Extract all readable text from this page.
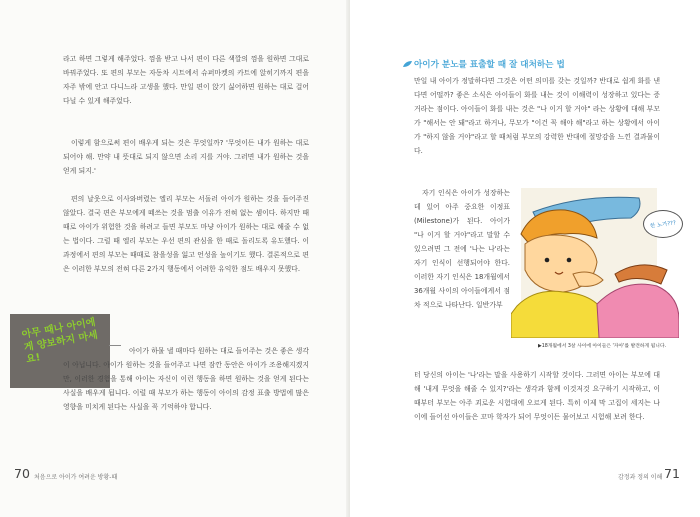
라고 하면 그렇게 해주었다. 껌을 받고 나서 편이 다른 색깔의 껌을 원하면 그대로 바꿔주었다. 또 편의 부모는 자동차 시트에서 슈퍼마켓의 카트에 앉히기까지 편을 자주 밖에 안고 다니느라 고생을 했다. 만일 편이 앉기 싫어하면 원하는 대로 걸어 다닐 수 있게 해주었다.

이렇게 함으로써 편이 배우게 되는 것은 무엇일까? '무엇이든 내가 원하는 대로 되어야 해. 만약 내 뜻대로 되지 않으면 소리 지를 거야. 그러면 내가 원하는 것을 얻게 되지.'

편의 날웃으로 이사와버렸는 엘리 부모는 서돌러 아이가 원하는 것을 들어주진 않았다. 결국 편은 부모에게 떼쓰는 것을 멈출 이유가 전혀 없는 셈이다. 하지만 때때로 아이가 위험한 것을 하려고 들면 부모도 마냥 아이가 원하는 대로 해줄 수 없는 법이다. 그럴 때 엘리 부모는 우선 편의 관심을 한 때로 돌리도록 유도했다. 이 과정에서 편의 부모는 때때로 참을성을 잃고 언성을 높이기도 했다. 결론적으로 편은 이러한 부모의 전혀 다른 2가지 행동에서 어려한 유익한 점도 배우지 못했다.

아무 때나 아이에게 양보하지 마세요!

아이가 하물 낼 때마다 원하는 대로 들어주는 것은 좋은 생각이 아닙니다. 아이가 원하는 것을 들어주고 나면 잠깐 동안은 아이가 조용해지겠지만, 이러한 경험을 통해 아이는 자신이 이런 행동을 하면 원하는 것을 얻게 된다는 사실을 배우게 됩니다. 이럴 때 부모가 하는 행동이 아이의 감정 표출 방법에 많은 영향을 미치게 된다는 사실을 꼭 기억하야 합니다.

70 처음으로 아이가 여려운 방황-때
아이가 분노를 표출할 때 잘 대처하는 법

만일 내 아이가 정말하다면 그것은 어떤 의미를 갖는 것일까? 반대로 쉽게 화를 낸다면 어떨까? 좋은 소식은 아이들이 화를 내는 것이 이해력이 성장하고 있다는 증거라는 점이다. 아이들이 화를 내는 것은 "나 이거 할 거야" 라는 상황에 대해 부모가 "해서는 안 돼"라고 하거나, 무모가 "이건 꼭 해야 해"라고 하는 상황에서 아이가 "하지 않을 거야"라고 할 때처럼 부모의 강력한 반대에 절망감을 느낀 결과물이다.

자기 인식은 아이가 성장하는 데 있어 아주 중요한 이정표(Milestone)가 된다. 아이가 "나 이거 할 거야"라고 말할 수 있으려면 그 전에 '나는 나'라는 자기 인식이 선행되어야 한다. 이러한 자기 인식은 18개월에서 36개월 사이의 아이들에게서 점차 적으로 나타난다. 일반가부

터 당신의 아이는 '나'라는 말을 사용하기 시작할 것이다. 그러면 아이는 부모에 대해 '내게 무엇을 해줄 수 있지?'라는 생각과 함께 이것저것 요구하기 시작하고, 이때부터 부모는 아주 괴로운 시험대에 오르게 된다. 특히 이제 막 고집이 세지는 나이에 들어선 아이들은 꼬마 학자가 되어 무엇이든 물어보고 시험해 보려 한다.

한 노가???

▶18개월에서 3살 사이에 아이들은 '자아'를 발견하게 됩니다.

감정과 정의 이해 71
